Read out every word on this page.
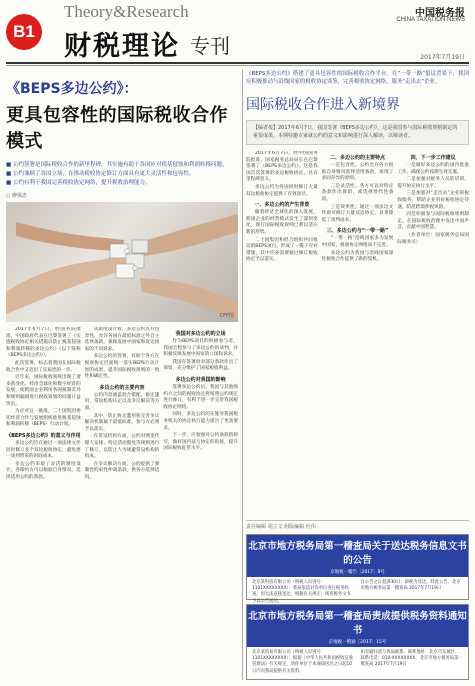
B1
Theory&Research
财税理论 专刊
中国税务报
CHINA TAXATION NEWS
2017年7月19日
《BEPS多边公约》：
更具包容性的国际税收合作模式

■ 公约签署是国际税收合作的新里程碑，其实施有助于各国应对税基侵蚀和利润转移问题。

■ 公约兼顾了各国立场，在推动税收协定修订方面具有更大灵活性和包容性。

■ 公约有利于我国完善税收协定网络，提升税收治理能力。

○ 廖体忠
CFP图

2017年6月7日，经国务院批准，中国政府代表在巴黎签署了《实施税收协定相关措施以防止税基侵蚀和利润转移的多边公约》（以下简称《BEPS多边公约》）。

此次签署，标志着我国在国际税收合作中又迈出了实质性的一步。

近年来，国际税收领域出现了诸多新变化。经济全球化和数字经济的发展，使跨国企业利用各国税制差异和规则漏洞进行税收筹划的问题日益突出。

为应对这一挑战，二十国集团委托经济合作与发展组织推进税基侵蚀和利润转移（BEPS）行动计划。

《BEPS多边公约》的意义与作用

多边公约旨在通过一项法律文件同时修订多个双边税收协定，避免逐一谈判带来的时间成本。

多边公约采取了灵活的制度设计，各缔约方可以根据自身情况，选择适用公约的条款。

从制度设计看，多边公约具有包容性，允许各国在最低标准之外自主选择条款，兼顾发展中国家和发达国家的不同诉求。

多边公约的签署，有助于各方在税收协定层面统一落实BEPS行动计划的成果，提升国际税收规则的一致性和确定性。

多边公约的主要内容

公约内容涵盖混合错配、协定滥用、常设机构认定以及争议解决等方面。

其中，防止协定滥用和完善争议解决机制属于最低标准，参与方必须予以落实。

在常设机构方面，公约对佣金代理人安排、特定活动豁免等规则进行了修订，以防止人为规避常设机构的构成。

在争议解决方面，公约提供了强制性约束性仲裁条款，供各方选择适用。

我国对多边公约的立场

作为BEPS项目的积极参与者，我国全程参与了多边公约的谈判，并积极反映发展中国家的立场和诉求。

我国在签署时对部分条款作出了保留，充分维护了国家税收利益。

多边公约对我国的影响

签署多边公约后，我国与其他缔约方之间的税收协定将按照公约规定进行修订，有利于进一步完善我国税收协定网络。

同时，多边公约的实施对我国税务机关的协定执行能力提出了更高要求。

下一步，应加强对公约条款的研究，做好国内法与协定的衔接，提升国际税收征管水平。

《BEPS多边公约》搭建了更具包容性的国际税收合作平台，在“一带一路”倡议背景下，我国应积极推动与沿线国家的税收协定谈签，完善税收协定网络，服务“走出去”企业。
国际税收合作进入新境界

【编者按】2017年6月7日，我国签署《BEPS多边公约》，这是我国参与国际税收规则制定的重要成果。本期特邀专家就公约的意义和影响进行深入解读，以飨读者。

2017年6月7日，经中国国务院批准，国家税务总局局长在巴黎签署了《BEPS多边公约》。这是我国首次签署的多边税收协定，具有里程碑意义。

多边公约为各国同时修订大量双边税收协定提供了有效途径。

一、多边公约的产生背景

随着经济全球化的深入发展，跨国企业的经营模式发生了深刻变化，现行国际税收规则已难以适应新的形势。

二十国集团和经合组织共同推动的BEPS项目，形成了一揽子应对措施，其中许多需要通过修订税收协定予以落实。

二、多边公约的主要特点

一是包容性。公约允许各方根据自身情况选择适用条款，体现了求同存异的原则。

二是灵活性。各方可以对特定条款作出保留，或选择替代性条款。

三是效率性。通过一项多边文件即可修订大量双边协定，显著降低了谈判成本。

三、多边公约与“一带一路”

“一带一路”沿线国家多为发展中国家，税收协定网络尚不完善。

多边公约为我国与沿线国家深化税收合作提供了新的契机。

四、下一步工作建议

一是做好多边公约的国内批准工作，确保公约按期生效实施。

二是加强对税务人员的培训，提升协定执行水平。

三是加强对“走出去”企业的税收服务，帮助企业用好税收协定待遇，防范跨境涉税风险。

四是积极参与国际税收规则制定，在国际税收治理中发出中国声音，贡献中国智慧。

（作者单位：国家税务总局国际税务司）

责任编辑 胡立文 组版编辑 杜伟
北京市地方税务局第一稽查局关于送达税务信息文书的公告
京地税一稽告〔2017〕8号

北京某科技有限公司（纳税人识别号：1101XXXXXXXX）：我局依法对你单位进行税务检查，因无法直接送达，根据有关规定，现将税务文书予以公告送达。

自公告之日起满30日，即视为送达。特此公告。北京市地方税务局第一稽查局 2017年7月19日

北京市地方税务局第一稽查局责成提供税务资料通知书
京地税一稽通〔2017〕15号

北京某贸易有限公司（纳税人识别号：1101XXXXXXXX）：根据《中华人民共和国税收征收管理法》有关规定，请你单位于本通知送达之日起10日内向我局提供有关资料。

如有疑问请与我局联系。联系地址：北京市东城区；联系电话：010-XXXXXXXX。北京市地方税务局第一稽查局 2017年7月19日
